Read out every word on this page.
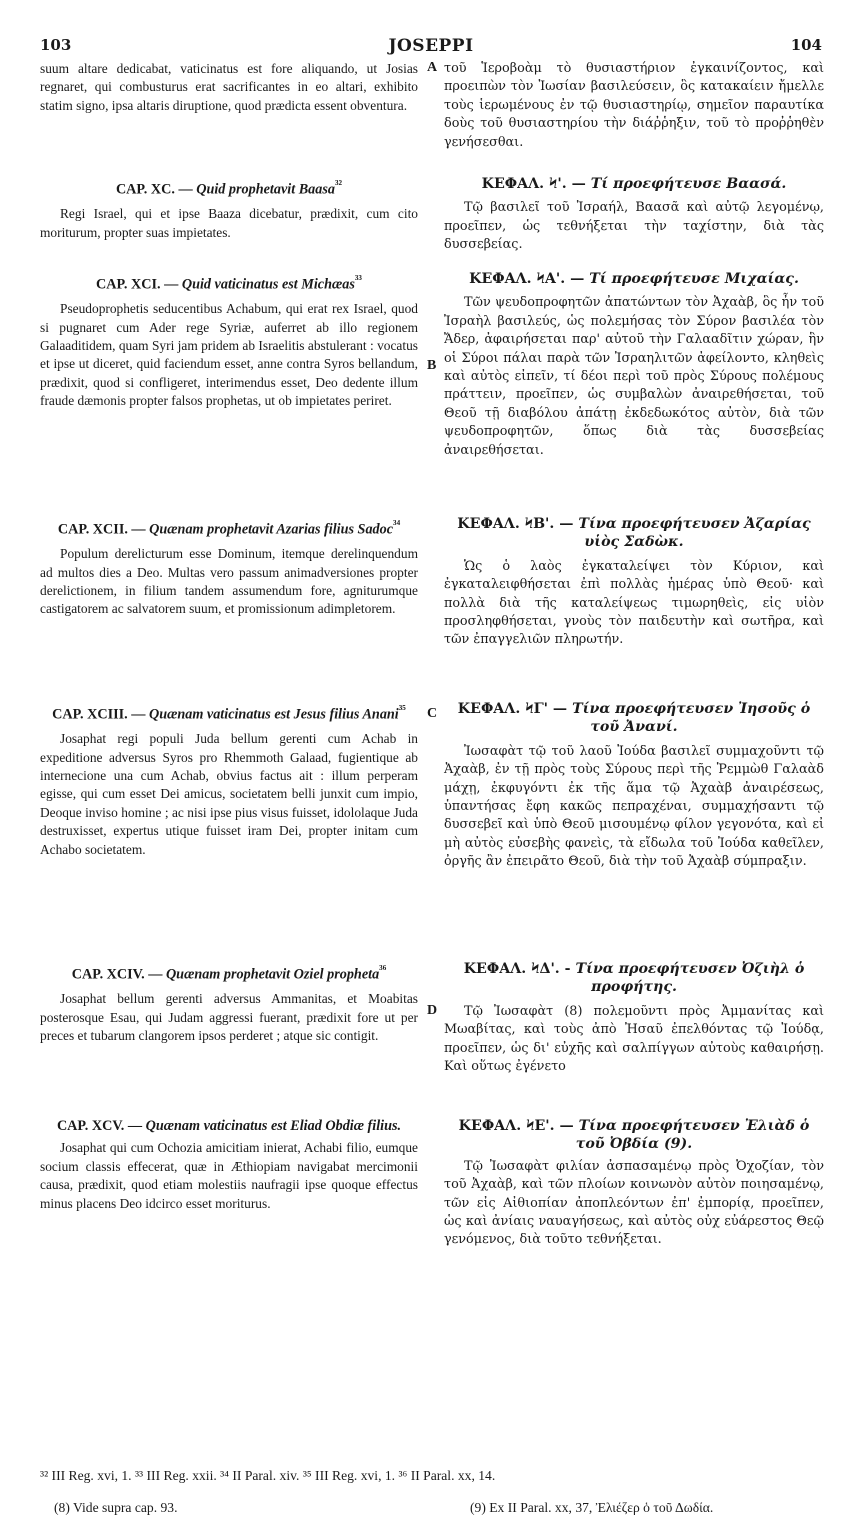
103	JOSEPPI	104

suum altare dedicabat, vaticinatus est fore aliquando, ut Josias regnaret, qui combusturus erat sacrificantes in eo altari, exhibito statim signo, ipsa altaris diruptione, quod prædicta essent obventura.

CAP. XC. — Quid prophetavit Baasa$^{^{32}}$

Regi Israel, qui et ipse Baaza dicebatur, prædixit, cum cito moriturum, propter suas impietates.

CAP. XCI. — Quid vaticinatus est Michæas$^{^{33}}$

Pseudoprophetis seducentibus Achabum, qui erat rex Israel, quod si pugnaret cum Ader rege Syriæ, auferret ab illo regionem Galaaditidem, quam Syri jam pridem ab Israelitis abstulerant : vocatus et ipse ut diceret, quid faciendum esset, anne contra Syros bellandum, prædixit, quod si confligeret, interimendus esset, Deo dedente illum fraude dæmonis propter falsos prophetas, ut ob impietates periret.

CAP. XCII. — Quænam prophetavit Azarias filius Sadoc$^{^{34}}$

Populum derelicturum esse Dominum, itemque derelinquendum ad multos dies a Deo. Multas vero passum animadversiones propter derelictionem, in filium tandem assumendum fore, agniturumque castigatorem ac salvatorem suum, et promissionum adimpletorem.

CAP. XCIII. — Quænam vaticinatus est Jesus filius Anani$^{^{35}}$

Josaphat regi populi Juda bellum gerenti cum Achab in expeditione adversus Syros pro Rhemmoth Galaad, fugientique ab internecione una cum Achab, obvius factus ait : illum perperam egisse, qui cum esset Dei amicus, societatem belli junxit cum impio, Deoque inviso homine ; ac nisi ipse pius visus fuisset, idololaque Juda destruxisset, expertus utique fuisset iram Dei, propter initam cum Achabo societatem.

CAP. XCIV. — Quænam prophetavit Oziel propheta$^{^{36}}$

Josaphat bellum gerenti adversus Ammanitas, et Moabitas posterosque Esau, qui Judam aggressi fuerant, prædixit fore ut per preces et tubarum clangorem ipsos perderet ; atque sic contigit.

CAP. XCV. — Quænam vaticinatus est Eliad Obdiæ filius.

Josaphat qui cum Ochozia amicitiam inierat, Achabi filio, eumque socium classis effecerat, quæ in Æthiopiam navigabat mercimonii causa, prædixit, quod etiam molestiis naufragii ipse quoque effectus minus placens Deo idcirco esset moriturus.

A
B
C
D

τοῦ Ἱεροβοὰμ τὸ θυσιαστήριον ἐγκαινίζοντος, καὶ προειπὼν τὸν Ἰωσίαν βασιλεύσειν, ὃς κατακαίειν ἤμελλε τοὺς ἱερωμένους ἐν τῷ θυσιαστηρίῳ, σημεῖον παραυτίκα δοὺς τοῦ θυσιαστηρίου τὴν διάῤῥηξιν, τοῦ τὸ προῤῥηθὲν γενήσεσθαι.

ΚΕΦΑΛ. Ϟ'. — Τί προεφήτευσε Βαασά.

Τῷ βασιλεῖ τοῦ Ἰσραήλ, Βαασᾶ καὶ αὐτῷ λεγομένῳ, προεῖπεν, ὡς τεθνήξεται τὴν ταχίστην, διὰ τὰς δυσσεβείας.

ΚΕΦΑΛ. ϞΑ'. — Τί προεφήτευσε Μιχαίας.

Τῶν ψευδοπροφητῶν ἀπατώντων τὸν Ἀχαὰβ, ὃς ἦν τοῦ Ἰσραὴλ βασιλεύς, ὡς πολεμήσας τὸν Σύρον βασιλέα τὸν Ἄδερ, ἀφαιρήσεται παρ' αὐτοῦ τὴν Γαλααδῖτιν χώραν, ἣν οἱ Σύροι πάλαι παρὰ τῶν Ἰσραηλιτῶν ἀφείλοντο, κληθεὶς καὶ αὐτὸς εἰπεῖν, τί δέοι περὶ τοῦ πρὸς Σύρους πολέμους πράττειν, προεῖπεν, ὡς συμβαλὼν ἀναιρεθήσεται, τοῦ Θεοῦ τῇ διαβόλου ἀπάτῃ ἐκδεδωκότος αὐτὸν, διὰ τῶν ψευδοπροφητῶν, ὅπως διὰ τὰς δυσσεβείας ἀναιρεθήσεται.

ΚΕΦΑΛ. ϞΒ'. — Τίνα προεφήτευσεν Ἀζαρίας υἱὸς Σαδὼκ.

Ὡς ὁ λαὸς ἐγκαταλείψει τὸν Κύριον, καὶ ἐγκαταλειφθήσεται ἐπὶ πολλὰς ἡμέρας ὑπὸ Θεοῦ· καὶ πολλὰ διὰ τῆς καταλείψεως τιμωρηθεὶς, εἰς υἱὸν προσληφθήσεται, γνοὺς τὸν παιδευτὴν καὶ σωτῆρα, καὶ τῶν ἐπαγγελιῶν πληρωτήν.

ΚΕΦΑΛ. ϞΓ' — Τίνα προεφήτευσεν Ἰησοῦς ὁ τοῦ Ἀνανί.

Ἰωσαφὰτ τῷ τοῦ λαοῦ Ἰούδα βασιλεῖ συμμαχοῦντι τῷ Ἀχαὰβ, ἐν τῇ πρὸς τοὺς Σύρους περὶ τῆς Ῥεμμὼθ Γαλαὰδ μάχῃ, ἐκφυγόντι ἐκ τῆς ἅμα τῷ Ἀχαὰβ ἀναιρέσεως, ὑπαντήσας ἔφη κακῶς πεπραχέναι, συμμαχήσαντι τῷ δυσσεβεῖ καὶ ὑπὸ Θεοῦ μισουμένῳ φίλον γεγονότα, καὶ εἰ μὴ αὐτὸς εὐσεβὴς φανεὶς, τὰ εἴδωλα τοῦ Ἰούδα καθεῖλεν, ὀργῆς ἂν ἐπειρᾶτο Θεοῦ, διὰ τὴν τοῦ Ἀχαὰβ σύμπραξιν.

ΚΕΦΑΛ. ϞΔ'. - Τίνα προεφήτευσεν Ὀζιὴλ ὁ προφήτης.

Τῷ Ἰωσαφὰτ (8) πολεμοῦντι πρὸς Ἀμμανίτας καὶ Μωαβίτας, καὶ τοὺς ἀπὸ Ἠσαῦ ἐπελθόντας τῷ Ἰούδᾳ, προεῖπεν, ὡς δι' εὐχῆς καὶ σαλπίγγων αὐτοὺς καθαιρήσῃ. Καὶ οὕτως ἐγένετο

ΚΕΦΑΛ. ϞΕ'. — Τίνα προεφήτευσεν Ἐλιὰδ ὁ τοῦ Ὀβδία (9).

Τῷ Ἰωσαφὰτ φιλίαν ἀσπασαμένῳ πρὸς Ὀχοζίαν, τὸν τοῦ Ἀχαὰβ, καὶ τῶν πλοίων κοινωνὸν αὐτὸν ποιησαμένῳ, τῶν εἰς Αἰθιοπίαν ἀποπλεόντων ἐπ' ἐμπορίᾳ, προεῖπεν, ὡς καὶ ἀνίαις ναυαγήσεως, καὶ αὐτὸς οὐχ εὐάρεστος Θεῷ γενόμενος, διὰ τοῦτο τεθνήξεται.

³² III Reg. xvi, 1. ³³ III Reg. xxii. ³⁴ II Paral. xiv. ³⁵ III Reg. xvi, 1. ³⁶ II Paral. xx, 14.
(8) Vide supra cap. 93.	(9) Ex II Paral. xx, 37, Ἐλιέζερ ὁ τοῦ Δωδία.
